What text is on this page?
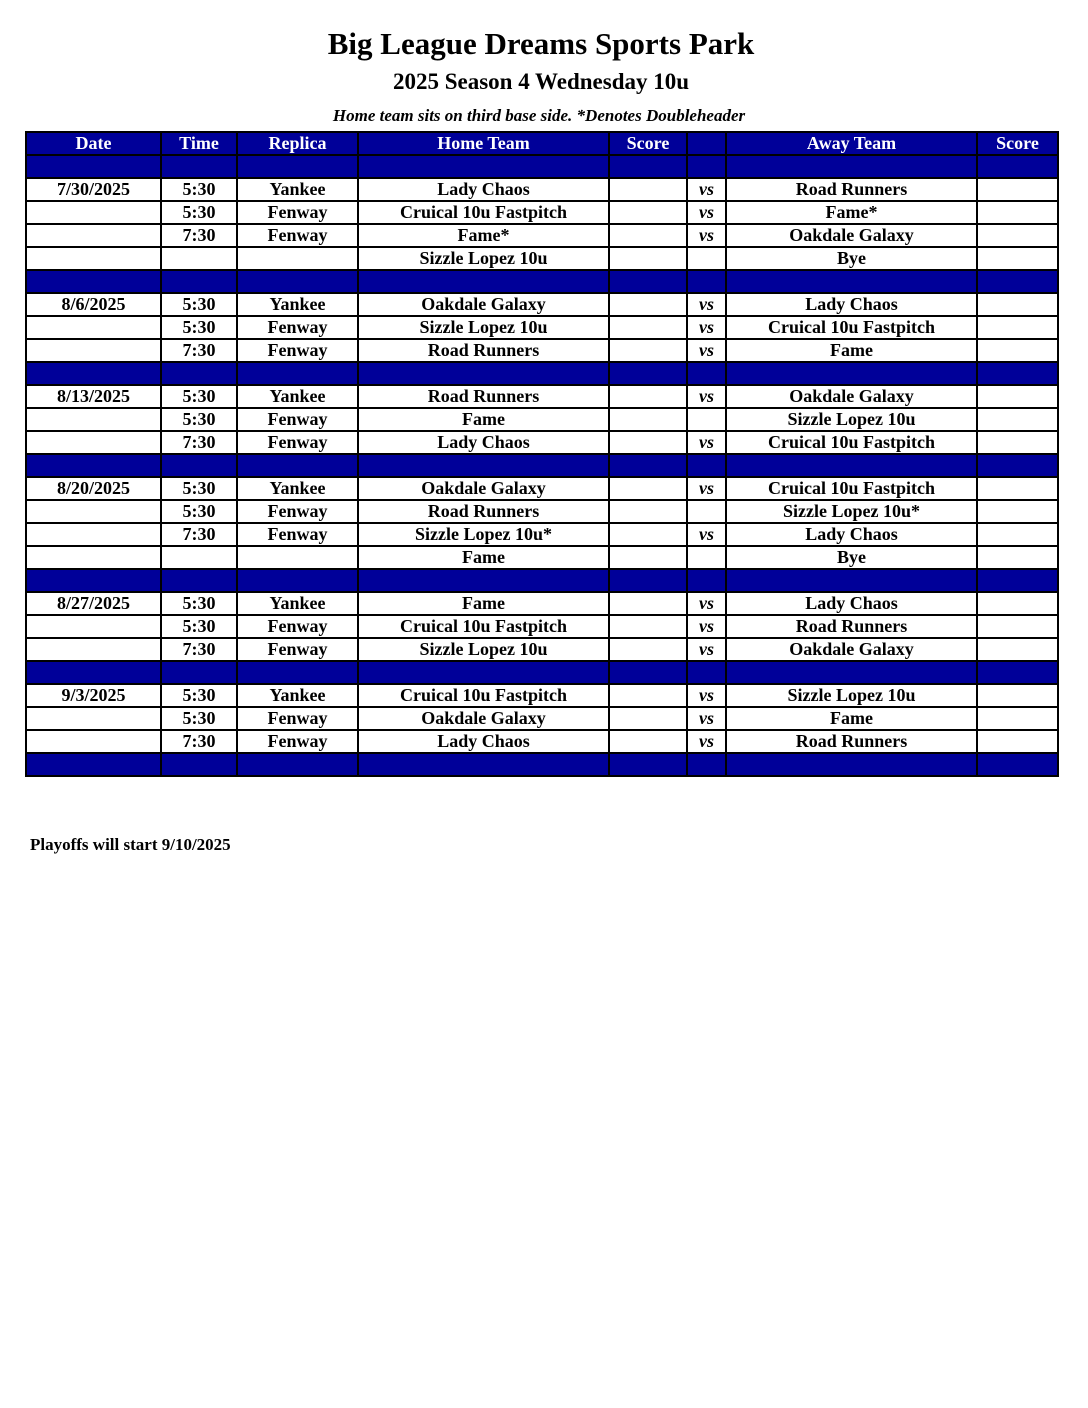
Big League Dreams Sports Park
2025 Season 4 Wednesday 10u
Home team sits on third base side. *Denotes Doubleheader
Date	Time	Replica	Home Team	Score		Away Team	Score

7/30/2025	5:30	Yankee	Lady Chaos		vs	Road Runners	
	5:30	Fenway	Cruical 10u Fastpitch		vs	Fame*	
	7:30	Fenway	Fame*		vs	Oakdale Galaxy	
			Sizzle Lopez 10u			Bye	

8/6/2025	5:30	Yankee	Oakdale Galaxy		vs	Lady Chaos	
	5:30	Fenway	Sizzle Lopez 10u		vs	Cruical 10u Fastpitch	
	7:30	Fenway	Road Runners		vs	Fame	

8/13/2025	5:30	Yankee	Road Runners		vs	Oakdale Galaxy	
	5:30	Fenway	Fame			Sizzle Lopez 10u	
	7:30	Fenway	Lady Chaos		vs	Cruical 10u Fastpitch	

8/20/2025	5:30	Yankee	Oakdale Galaxy		vs	Cruical 10u Fastpitch	
	5:30	Fenway	Road Runners			Sizzle Lopez 10u*	
	7:30	Fenway	Sizzle Lopez 10u*		vs	Lady Chaos	
			Fame			Bye	

8/27/2025	5:30	Yankee	Fame		vs	Lady Chaos	
	5:30	Fenway	Cruical 10u Fastpitch		vs	Road Runners	
	7:30	Fenway	Sizzle Lopez 10u		vs	Oakdale Galaxy	

9/3/2025	5:30	Yankee	Cruical 10u Fastpitch		vs	Sizzle Lopez 10u	
	5:30	Fenway	Oakdale Galaxy		vs	Fame	
	7:30	Fenway	Lady Chaos		vs	Road Runners	

Playoffs will start 9/10/2025
